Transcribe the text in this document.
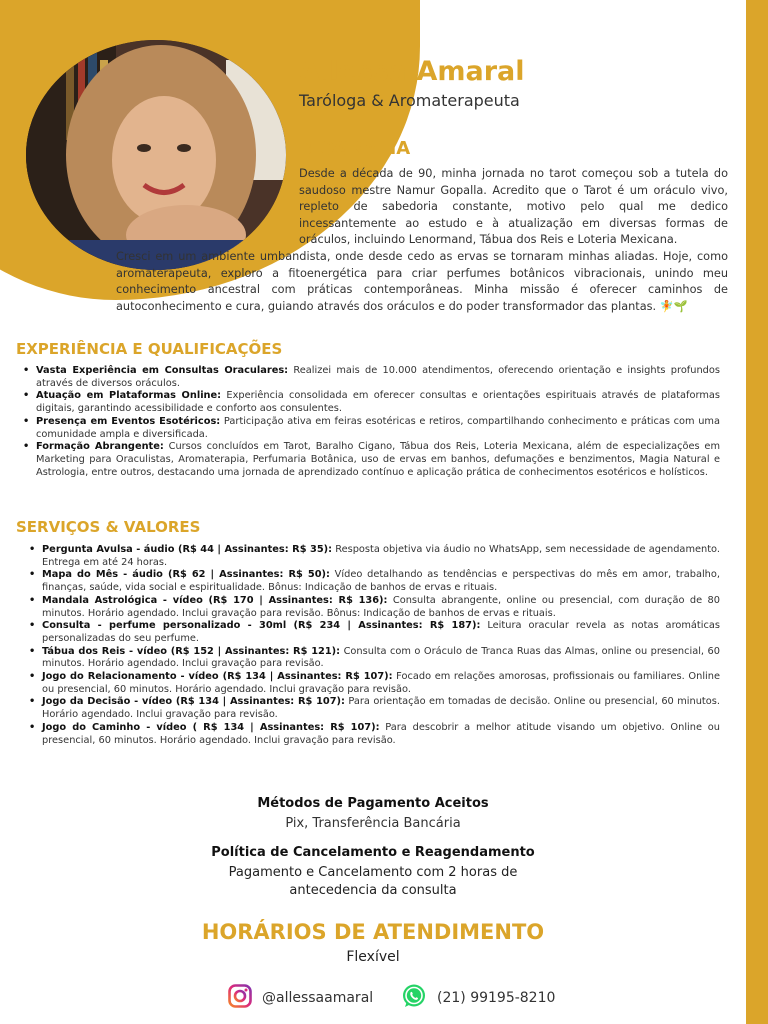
Allessa Amaral

Taróloga & Aromaterapeuta

BIOGRAFIA

Desde a década de 90, minha jornada no tarot começou sob a tutela do saudoso mestre Namur Gopalla. Acredito que o Tarot é um oráculo vivo, repleto de sabedoria constante, motivo pelo qual me dedico incessantemente ao estudo e à atualização em diversas formas de oráculos, incluindo Lenormand, Tábua dos Reis e Loteria Mexicana.

Cresci em um ambiente umbandista, onde desde cedo as ervas se tornaram minhas aliadas. Hoje, como aromaterapeuta, exploro a fitoenergética para criar perfumes botânicos vibracionais, unindo meu conhecimento ancestral com práticas contemporâneas. Minha missão é oferecer caminhos de autoconhecimento e cura, guiando através dos oráculos e do poder transformador das plantas. 🧚🌱

EXPERIÊNCIA E QUALIFICAÇÕES
• Vasta Experiência em Consultas Oraculares: Realizei mais de 10.000 atendimentos, oferecendo orientação e insights profundos através de diversos oráculos.
• Atuação em Plataformas Online: Experiência consolidada em oferecer consultas e orientações espirituais através de plataformas digitais, garantindo acessibilidade e conforto aos consulentes.
• Presença em Eventos Esotéricos: Participação ativa em feiras esotéricas e retiros, compartilhando conhecimento e práticas com uma comunidade ampla e diversificada.
• Formação Abrangente: Cursos concluídos em Tarot, Baralho Cigano, Tábua dos Reis, Loteria Mexicana, além de especializações em Marketing para Oraculistas, Aromaterapia, Perfumaria Botânica, uso de ervas em banhos, defumações e benzimentos, Magia Natural e Astrologia, entre outros, destacando uma jornada de aprendizado contínuo e aplicação prática de conhecimentos esotéricos e holísticos.
SERVIÇOS & VALORES
• Pergunta Avulsa - áudio (R$ 44 | Assinantes: R$ 35): Resposta objetiva via áudio no WhatsApp, sem necessidade de agendamento. Entrega em até 24 horas.
• Mapa do Mês - áudio (R$ 62 | Assinantes: R$ 50): Vídeo detalhando as tendências e perspectivas do mês em amor, trabalho, finanças, saúde, vida social e espiritualidade. Bônus: Indicação de banhos de ervas e rituais.
• Mandala Astrológica - vídeo (R$ 170 | Assinantes: R$ 136): Consulta abrangente, online ou presencial, com duração de 80 minutos. Horário agendado. Inclui gravação para revisão. Bônus: Indicação de banhos de ervas e rituais.
• Consulta - perfume personalizado - 30ml (R$ 234 | Assinantes: R$ 187): Leitura oracular revela as notas aromáticas personalizadas do seu perfume.
• Tábua dos Reis - vídeo (R$ 152 | Assinantes: R$ 121): Consulta com o Oráculo de Tranca Ruas das Almas, online ou presencial, 60 minutos. Horário agendado. Inclui gravação para revisão.
• Jogo do Relacionamento - vídeo (R$ 134 | Assinantes: R$ 107): Focado em relações amorosas, profissionais ou familiares. Online ou presencial, 60 minutos. Horário agendado. Inclui gravação para revisão.
• Jogo da Decisão - vídeo (R$ 134 | Assinantes: R$ 107): Para orientação em tomadas de decisão. Online ou presencial, 60 minutos. Horário agendado. Inclui gravação para revisão.
• Jogo do Caminho - vídeo ( R$ 134 | Assinantes: R$ 107): Para descobrir a melhor atitude visando um objetivo. Online ou presencial, 60 minutos. Horário agendado. Inclui gravação para revisão.

Métodos de Pagamento Aceitos

Pix, Transferência Bancária

Política de Cancelamento e Reagendamento

Pagamento e Cancelamento com 2 horas de
antecedencia da consulta

HORÁRIOS DE ATENDIMENTO

Flexível

@allessaamaral	(21) 99195-8210
